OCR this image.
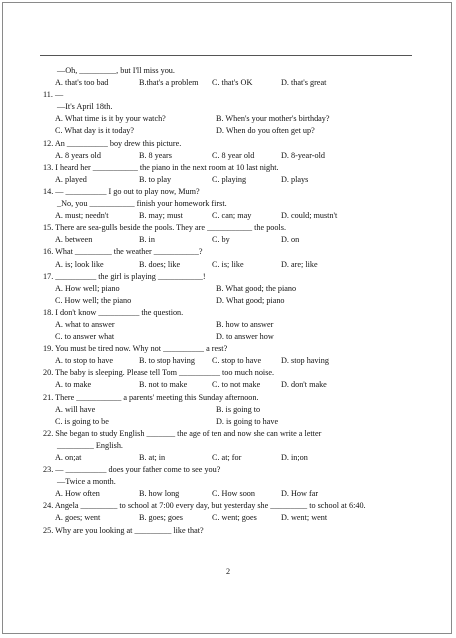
—Oh, _________, but I'll miss you.
A. that's too bad	B.that's a problem C. that's OK	D. that's great
11. —
—It's April 18th.
A. What time is it by your watch?	B. When's your mother's birthday?
C. What day is it today?	D. When do you often get up?
12. An __________ boy drew this picture.
A. 8 years old	B. 8 years	C. 8 year old	D. 8-year-old
13. I heard her ___________ the piano in the next room at 10 last night.
A. played	B. to play	C. playing	D. plays
14. — __________ I go out to play now, Mum?
_No, you ___________ finish your homework first.
A. must; needn't	B. may; must	C. can; may	D. could; mustn't
15. There are sea-gulls beside the pools. They are ___________ the pools.
A. between	B. in	C. by	D. on
16. What _________ the weather ___________?
A. is; look like	B. does; like	C. is; like	D. are; like
17. __________ the girl is playing ___________!
A. How well; piano	B. What good; the piano
C. How well; the piano	D. What good; piano
18. I don't know __________ the question.
A. what to answer	B. how to answer
C. to answer what	D. to answer how
19. You must be tired now. Why not __________ a rest?
A. to stop to have	B. to stop having C. stop to have D. stop having
20. The baby is sleeping. Please tell Tom __________ too much noise.
A. to make	B. not to make	C. to not make	D. don't make
21. There ___________ a parents' meeting this Sunday afternoon.
A. will have	B. is going to
C. is going to be	D. is going to have
22. She began to study English _______ the age of ten and now she can write a letter
_________ English.
A. on;at	B. at; in	C. at; for	D. in;on
23. — __________ does your father come to see you?
—Twice a month.
A. How often	B. how long	C. How soon	D. How far
24. Angela _________ to school at 7:00 every day, but yesterday she _________ to school at 6:40.
A. goes; went	B. goes; goes	C. went; goes	D. went; went
25. Why are you looking at _________ like that?
2
